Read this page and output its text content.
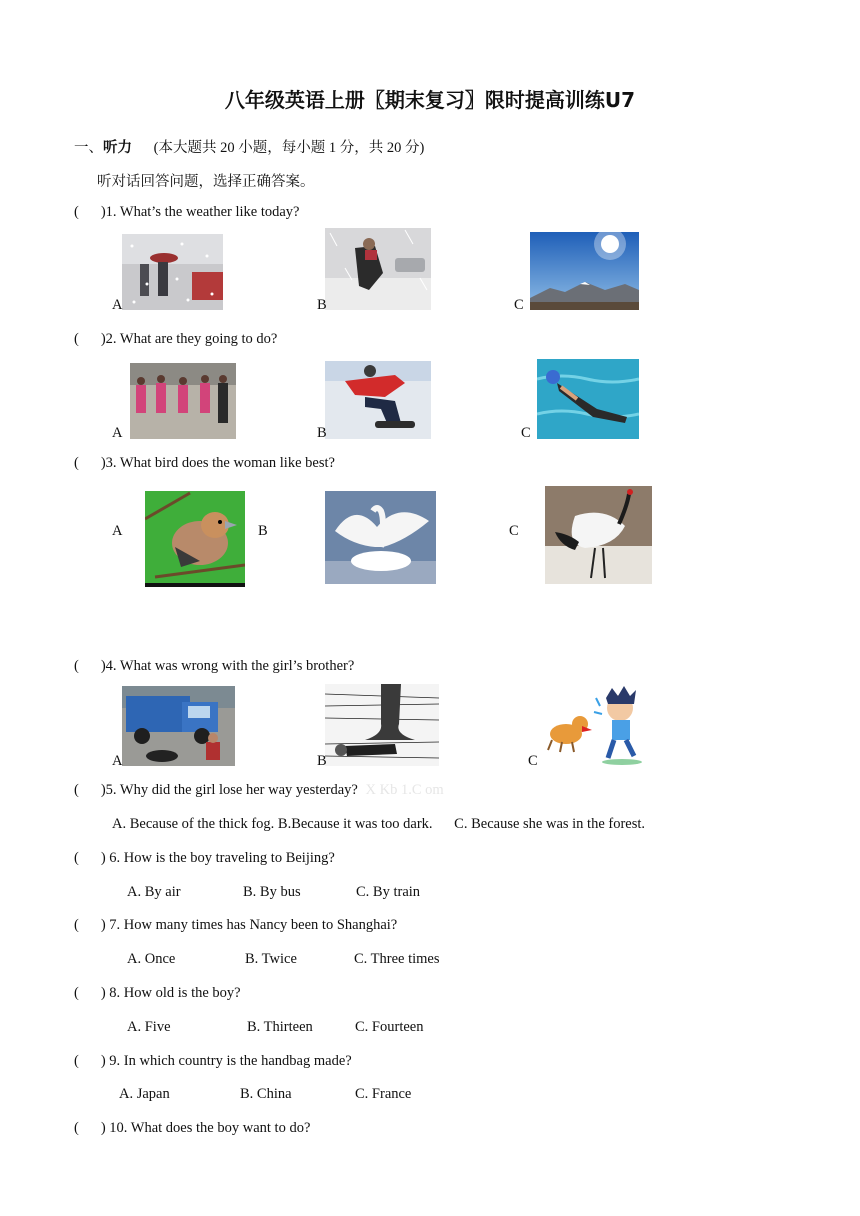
八年级英语上册〖期末复习〗限时提高训练U7
一、听力 (本大题共 20 小题，每小题 1 分，共 20 分)
听对话回答问题，选择正确答案。
( )1. What’s the weather like today?
A	B	C
( )2. What are they going to do?
A	B	C
( )3. What bird does the woman like best?
A	B	C
( )4. What was wrong with the girl’s brother?
A	B	C
( )5. Why did the girl lose her way yesterday? X Kb 1.C om
A. Because of the thick fog. B.Because it was too dark. C. Because she was in the forest.
( ) 6. How is the boy traveling to Beijing?
A. By air	B. By bus	C. By train
( ) 7. How many times has Nancy been to Shanghai?
A. Once	B. Twice	C. Three times
( ) 8. How old is the boy?
A. Five	B. Thirteen	C. Fourteen
( ) 9. In which country is the handbag made?
A. Japan	B. China	C. France
( ) 10. What does the boy want to do?
